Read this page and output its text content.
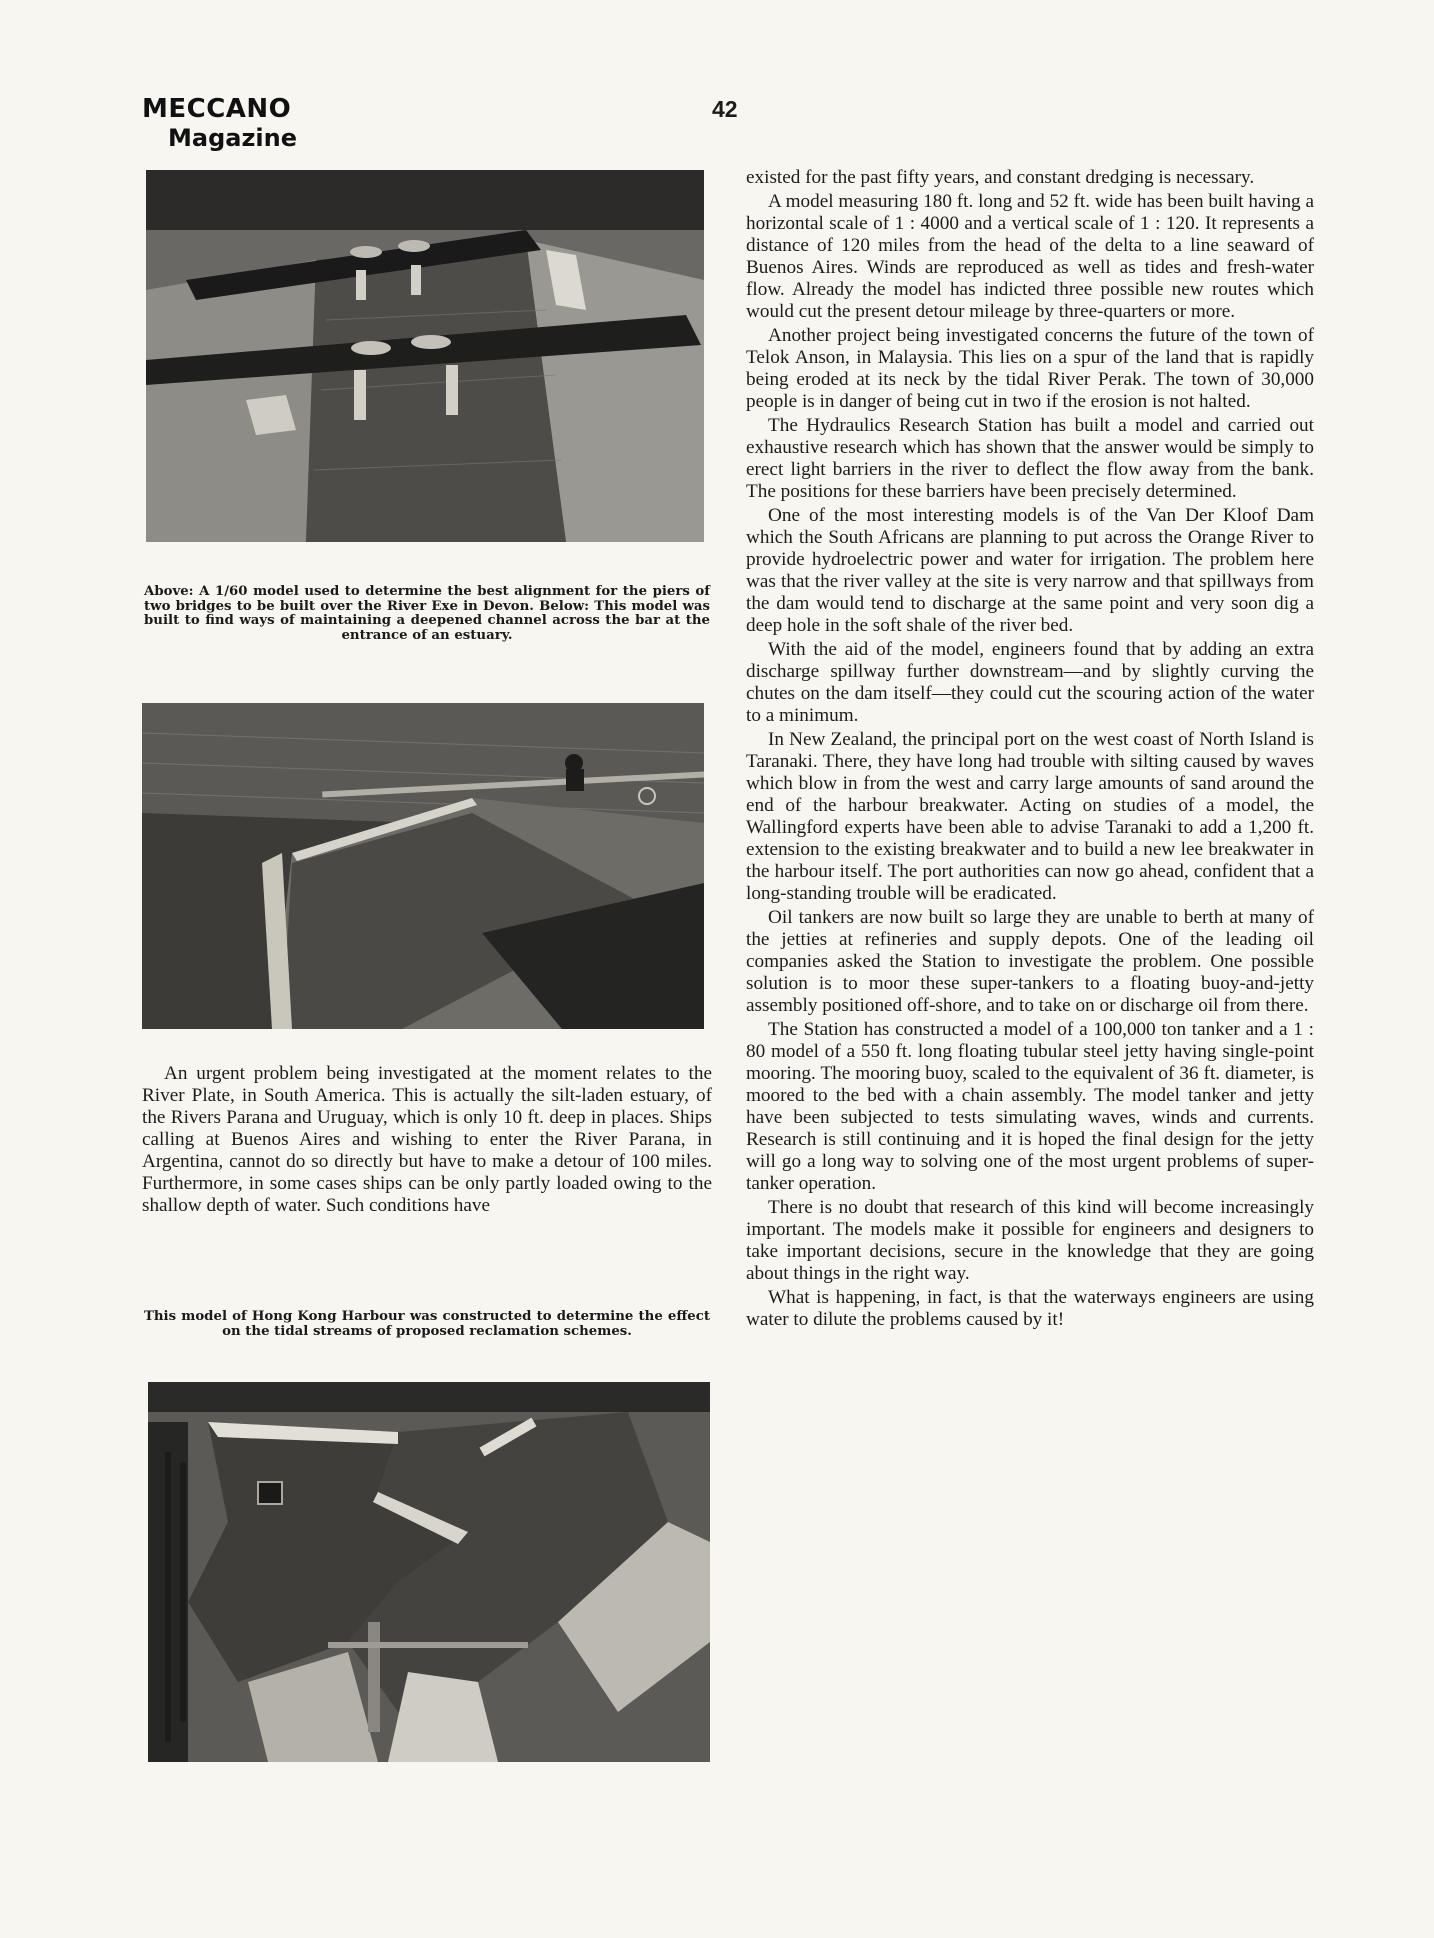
MECCANO
Magazine
42
Above: A 1/60 model used to determine the best alignment for the piers of two bridges to be built over the River Exe in Devon. Below: This model was built to find ways of maintaining a deepened channel across the bar at the entrance of an estuary.

An urgent problem being investigated at the moment relates to the River Plate, in South America. This is actually the silt-laden estuary, of the Rivers Parana and Uruguay, which is only 10 ft. deep in places. Ships calling at Buenos Aires and wishing to enter the River Parana, in Argentina, cannot do so directly but have to make a detour of 100 miles. Furthermore, in some cases ships can be only partly loaded owing to the shallow depth of water. Such conditions have

This model of Hong Kong Harbour was constructed to determine the effect on the tidal streams of proposed reclamation schemes.

existed for the past fifty years, and constant dredging is necessary.

A model measuring 180 ft. long and 52 ft. wide has been built having a horizontal scale of 1 : 4000 and a vertical scale of 1 : 120. It represents a distance of 120 miles from the head of the delta to a line seaward of Buenos Aires. Winds are reproduced as well as tides and fresh-water flow. Already the model has indicted three possible new routes which would cut the present detour mileage by three-quarters or more.

Another project being investigated concerns the future of the town of Telok Anson, in Malaysia. This lies on a spur of the land that is rapidly being eroded at its neck by the tidal River Perak. The town of 30,000 people is in danger of being cut in two if the erosion is not halted.

The Hydraulics Research Station has built a model and carried out exhaustive research which has shown that the answer would be simply to erect light barriers in the river to deflect the flow away from the bank. The positions for these barriers have been precisely determined.

One of the most interesting models is of the Van Der Kloof Dam which the South Africans are planning to put across the Orange River to provide hydroelectric power and water for irrigation. The problem here was that the river valley at the site is very narrow and that spillways from the dam would tend to discharge at the same point and very soon dig a deep hole in the soft shale of the river bed.

With the aid of the model, engineers found that by adding an extra discharge spillway further downstream—and by slightly curving the chutes on the dam itself—they could cut the scouring action of the water to a minimum.

In New Zealand, the principal port on the west coast of North Island is Taranaki. There, they have long had trouble with silting caused by waves which blow in from the west and carry large amounts of sand around the end of the harbour breakwater. Acting on studies of a model, the Wallingford experts have been able to advise Taranaki to add a 1,200 ft. extension to the existing breakwater and to build a new lee breakwater in the harbour itself. The port authorities can now go ahead, confident that a long-standing trouble will be eradicated.

Oil tankers are now built so large they are unable to berth at many of the jetties at refineries and supply depots. One of the leading oil companies asked the Station to investigate the problem. One possible solution is to moor these super-tankers to a floating buoy-and-jetty assembly positioned off-shore, and to take on or discharge oil from there.

The Station has constructed a model of a 100,000 ton tanker and a 1 : 80 model of a 550 ft. long floating tubular steel jetty having single-point mooring. The mooring buoy, scaled to the equivalent of 36 ft. diameter, is moored to the bed with a chain assembly. The model tanker and jetty have been subjected to tests simulating waves, winds and currents. Research is still continuing and it is hoped the final design for the jetty will go a long way to solving one of the most urgent problems of super-tanker operation.

There is no doubt that research of this kind will become increasingly important. The models make it possible for engineers and designers to take important decisions, secure in the knowledge that they are going about things in the right way.

What is happening, in fact, is that the waterways engineers are using water to dilute the problems caused by it!
